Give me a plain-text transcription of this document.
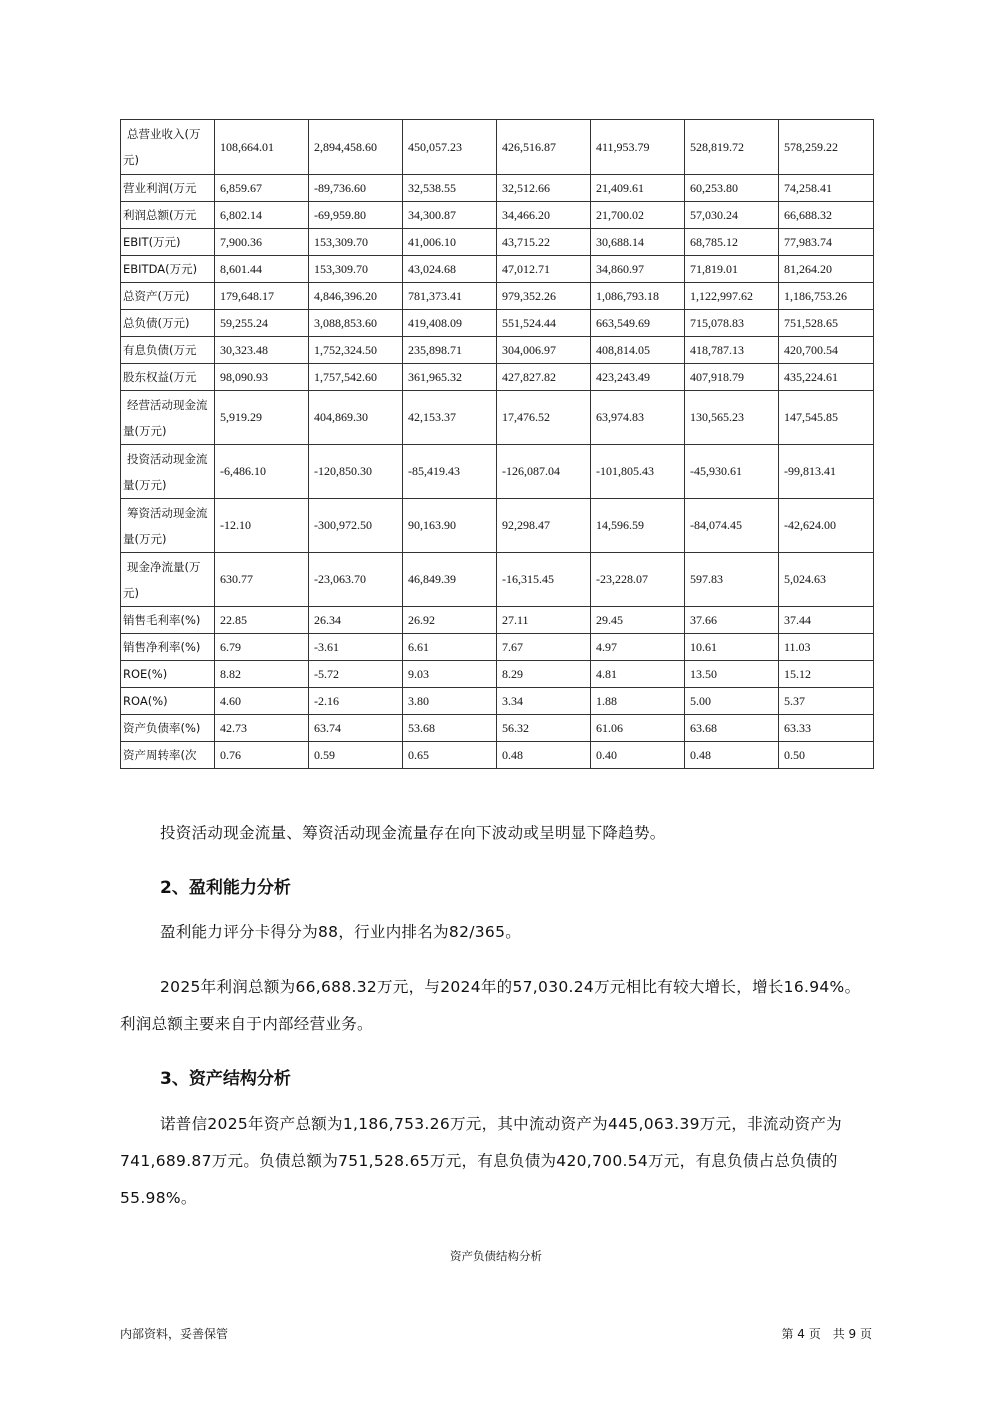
总营业收入(万元)	108,664.01	2,894,458.60	450,057.23	426,516.87	411,953.79	528,819.72	578,259.22
营业利润(万元	6,859.67	-89,736.60	32,538.55	32,512.66	21,409.61	60,253.80	74,258.41
利润总额(万元	6,802.14	-69,959.80	34,300.87	34,466.20	21,700.02	57,030.24	66,688.32
EBIT(万元)	7,900.36	153,309.70	41,006.10	43,715.22	30,688.14	68,785.12	77,983.74
EBITDA(万元)	8,601.44	153,309.70	43,024.68	47,012.71	34,860.97	71,819.01	81,264.20
总资产(万元)	179,648.17	4,846,396.20	781,373.41	979,352.26	1,086,793.18	1,122,997.62	1,186,753.26
总负债(万元)	59,255.24	3,088,853.60	419,408.09	551,524.44	663,549.69	715,078.83	751,528.65
有息负债(万元	30,323.48	1,752,324.50	235,898.71	304,006.97	408,814.05	418,787.13	420,700.54
股东权益(万元	98,090.93	1,757,542.60	361,965.32	427,827.82	423,243.49	407,918.79	435,224.61
经营活动现金流量(万元)	5,919.29	404,869.30	42,153.37	17,476.52	63,974.83	130,565.23	147,545.85
投资活动现金流量(万元)	-6,486.10	-120,850.30	-85,419.43	-126,087.04	-101,805.43	-45,930.61	-99,813.41
筹资活动现金流量(万元)	-12.10	-300,972.50	90,163.90	92,298.47	14,596.59	-84,074.45	-42,624.00
现金净流量(万元)	630.77	-23,063.70	46,849.39	-16,315.45	-23,228.07	597.83	5,024.63
销售毛利率(%)	22.85	26.34	26.92	27.11	29.45	37.66	37.44
销售净利率(%)	6.79	-3.61	6.61	7.67	4.97	10.61	11.03
ROE(%)	8.82	-5.72	9.03	8.29	4.81	13.50	15.12
ROA(%)	4.60	-2.16	3.80	3.34	1.88	5.00	5.37
资产负债率(%)	42.73	63.74	53.68	56.32	61.06	63.68	63.33
资产周转率(次	0.76	0.59	0.65	0.48	0.40	0.48	0.50
投资活动现金流量、筹资活动现金流量存在向下波动或呈明显下降趋势。
2、盈利能力分析
盈利能力评分卡得分为88，行业内排名为82/365。
2025年利润总额为66,688.32万元，与2024年的57,030.24万元相比有较大增长，增长16.94%。利润总额主要来自于内部经营业务。
3、资产结构分析
诺普信2025年资产总额为1,186,753.26万元，其中流动资产为445,063.39万元，非流动资产为741,689.87万元。负债总额为751,528.65万元，有息负债为420,700.54万元，有息负债占总负债的55.98%。
资产负债结构分析
内部资料，妥善保管	第 4 页　共 9 页
